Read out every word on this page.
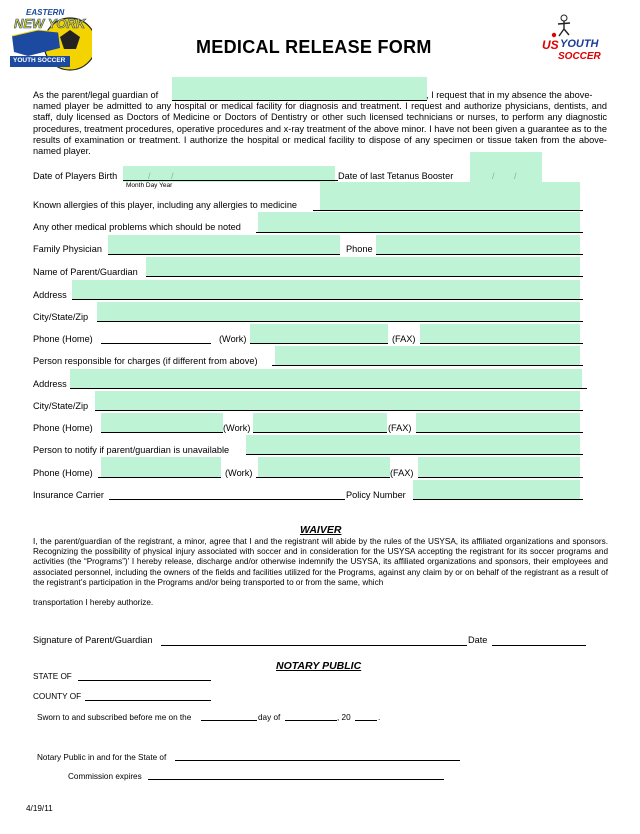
EASTERN
NEW YORK
YOUTH SOCCER
MEDICAL RELEASE FORM	US YOUTH
SOCCER
As the parent/legal guardian of	, I request that in my absence the above-
named player be admitted to any hospital or medical facility for diagnosis and treatment. I request and authorize physicians, dentists, and staff, duly licensed as Doctors of Medicine or Doctors of Dentistry or other such licensed technicians or nurses, to perform any diagnostic procedures, treatment procedures, operative procedures and x-ray treatment of the above minor. I have not been given a guarantee as to the results of examination or treatment. I authorize the hospital or medical facility to dispose of any specimen or tissue taken from the above-named player.
Date of Players Birth	/ /
Month Day Year
Date of last Tetanus Booster	/ /
Known allergies of this player, including any allergies to medicine
Any other medical problems which should be noted
Family Physician	Phone
Name of Parent/Guardian
Address
City/State/Zip
Phone (Home)	(Work)	(FAX)
Person responsible for charges (if different from above)
Address
City/State/Zip
Phone (Home)	(Work)	(FAX)
Person to notify if parent/guardian is unavailable
Phone (Home)	(Work)	(FAX)
Insurance Carrier	Policy Number
WAIVER
I, the parent/guardian of the registrant, a minor, agree that I and the registrant will abide by the rules of the USYSA, its affiliated organizations and sponsors. Recognizing the possibility of physical injury associated with soccer and in consideration for the USYSA accepting the registrant for its soccer programs and activities (the “Programs”)’ I hereby release, discharge and/or otherwise indemnify the USYSA, its affiliated organizations and sponsors, their employees and associated personnel, including the owners of the fields and facilities utilized for the Programs, against any claim by or on behalf of the registrant as a result of the registrant’s participation in the Programs and/or being transported to or from the same, which
transportation I hereby authorize.
Signature of Parent/Guardian	Date
NOTARY PUBLIC
STATE OF
COUNTY OF
Sworn to and subscribed before me on the	day of	, 20	.
Notary Public in and for the State of
Commission expires
4/19/11
